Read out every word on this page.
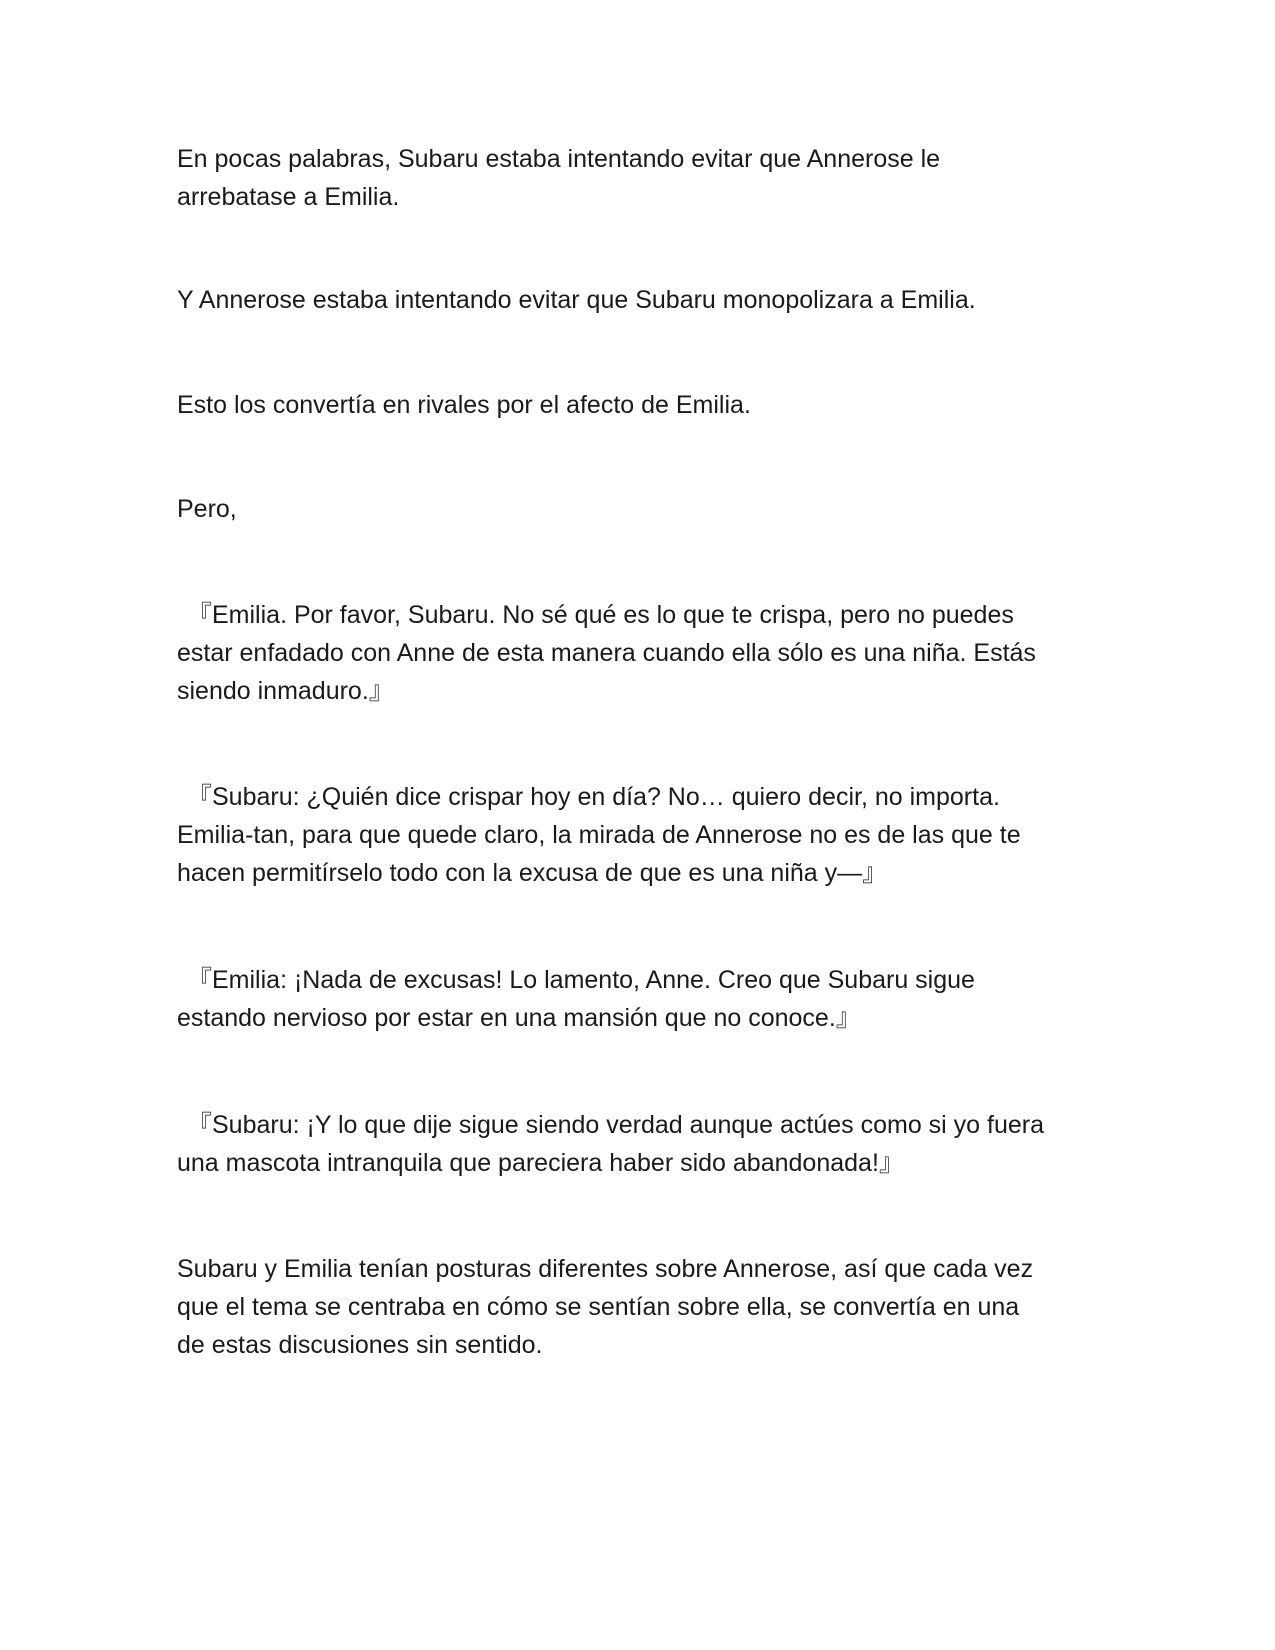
En pocas palabras, Subaru estaba intentando evitar que Annerose le
arrebatase a Emilia.

Y Annerose estaba intentando evitar que Subaru monopolizara a Emilia.

Esto los convertía en rivales por el afecto de Emilia.

Pero,

『Emilia. Por favor, Subaru. No sé qué es lo que te crispa, pero no puedes
estar enfadado con Anne de esta manera cuando ella sólo es una niña. Estás
siendo inmaduro.』

『Subaru: ¿Quién dice crispar hoy en día? No… quiero decir, no importa.
Emilia-tan, para que quede claro, la mirada de Annerose no es de las que te
hacen permitírselo todo con la excusa de que es una niña y—』

『Emilia: ¡Nada de excusas! Lo lamento, Anne. Creo que Subaru sigue
estando nervioso por estar en una mansión que no conoce.』

『Subaru: ¡Y lo que dije sigue siendo verdad aunque actúes como si yo fuera
una mascota intranquila que pareciera haber sido abandonada!』

Subaru y Emilia tenían posturas diferentes sobre Annerose, así que cada vez
que el tema se centraba en cómo se sentían sobre ella, se convertía en una
de estas discusiones sin sentido.
